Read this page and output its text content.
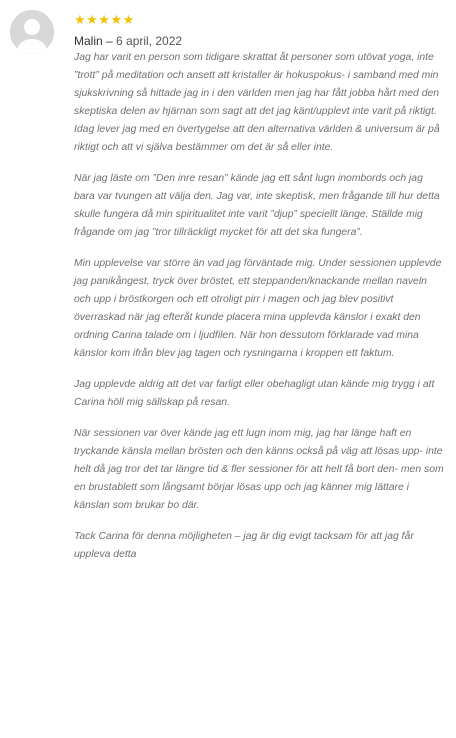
★★★★★
Malin – 6 april, 2022

Jag har varit en person som tidigare skrattat åt personer som utövat yoga, inte ”trott” på meditation och ansett att kristaller är hokuspokus- i samband med min sjukskrivning så hittade jag in i den världen men jag har fått jobba hårt med den skeptiska delen av hjärnan som sagt att det jag känt/upplevt inte varit på riktigt. Idag lever jag med en övertygelse att den alternativa världen & universum är på riktigt och att vi själva bestämmer om det är så eller inte.

När jag läste om ”Den inre resan” kände jag ett sånt lugn inombords och jag bara var tvungen att välja den. Jag var, inte skeptisk, men frågande till hur detta skulle fungera då min spiritualitet inte varit ”djup” speciellt länge. Ställde mig frågande om jag ”tror tillräckligt mycket för att det ska fungera”.

Min upplevelse var större än vad jag förväntade mig. Under sessionen upplevde jag panikångest, tryck över bröstet, ett steppanden/knackande mellan naveln och upp i bröstkorgen och ett otroligt pirr i magen och jag blev positivt överraskad när jag efteråt kunde placera mina upplevda känslor i exakt den ordning Carina talade om i ljudfilen. När hon dessutom förklarade vad mina känslor kom ifrån blev jag tagen och rysningarna i kroppen ett faktum.

Jag upplevde aldrig att det var farligt eller obehagligt utan kände mig trygg i att Carina höll mig sällskap på resan.

När sessionen var över kände jag ett lugn inom mig, jag har länge haft en tryckande känsla mellan brösten och den känns också på väg att lösas upp- inte helt då jag tror det tar längre tid & fler sessioner för att helt få bort den- men som en brustablett som långsamt börjar lösas upp och jag känner mig lättare i känslan som brukar bo där.

Tack Carina för denna möjligheten – jag är dig evigt tacksam för att jag får uppleva detta
